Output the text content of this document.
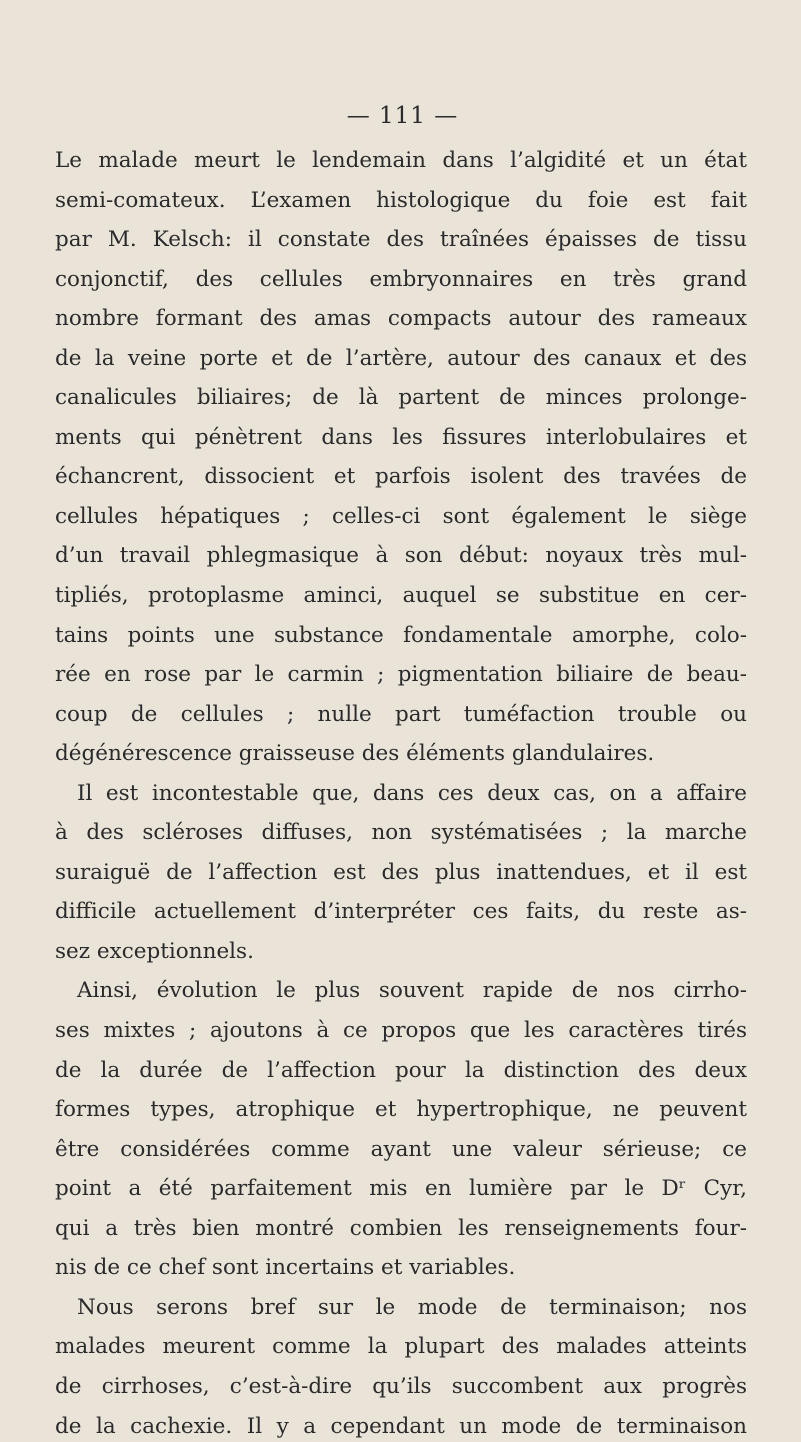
— 111 —
Le malade meurt le lendemain dans l’algidité et un état
semi-comateux. L’examen histologique du foie est fait
par M. Kelsch: il constate des traînées épaisses de tissu
conjonctif, des cellules embryonnaires en très grand
nombre formant des amas compacts autour des rameaux
de la veine porte et de l’artère, autour des canaux et des
canalicules biliaires; de là partent de minces prolonge-
ments qui pénètrent dans les fissures interlobulaires et
échancrent, dissocient et parfois isolent des travées de
cellules hépatiques ; celles-ci sont également le siège
d’un travail phlegmasique à son début: noyaux très mul-
tipliés, protoplasme aminci, auquel se substitue en cer-
tains points une substance fondamentale amorphe, colo-
rée en rose par le carmin ; pigmentation biliaire de beau-
coup de cellules ; nulle part tuméfaction trouble ou
dégénérescence graisseuse des éléments glandulaires.
Il est incontestable que, dans ces deux cas, on a affaire
à des scléroses diffuses, non systématisées ; la marche
suraiguë de l’affection est des plus inattendues, et il est
difficile actuellement d’interpréter ces faits, du reste as-
sez exceptionnels.
Ainsi, évolution le plus souvent rapide de nos cirrho-
ses mixtes ; ajoutons à ce propos que les caractères tirés
de la durée de l’affection pour la distinction des deux
formes types, atrophique et hypertrophique, ne peuvent
être considérées comme ayant une valeur sérieuse; ce
point a été parfaitement mis en lumière par le Dʳ Cyr,
qui a très bien montré combien les renseignements four-
nis de ce chef sont incertains et variables.
Nous serons bref sur le mode de terminaison; nos
malades meurent comme la plupart des malades atteints
de cirrhoses, c’est-à-dire qu’ils succombent aux progrès
de la cachexie. Il y a cependant un mode de terminaison
